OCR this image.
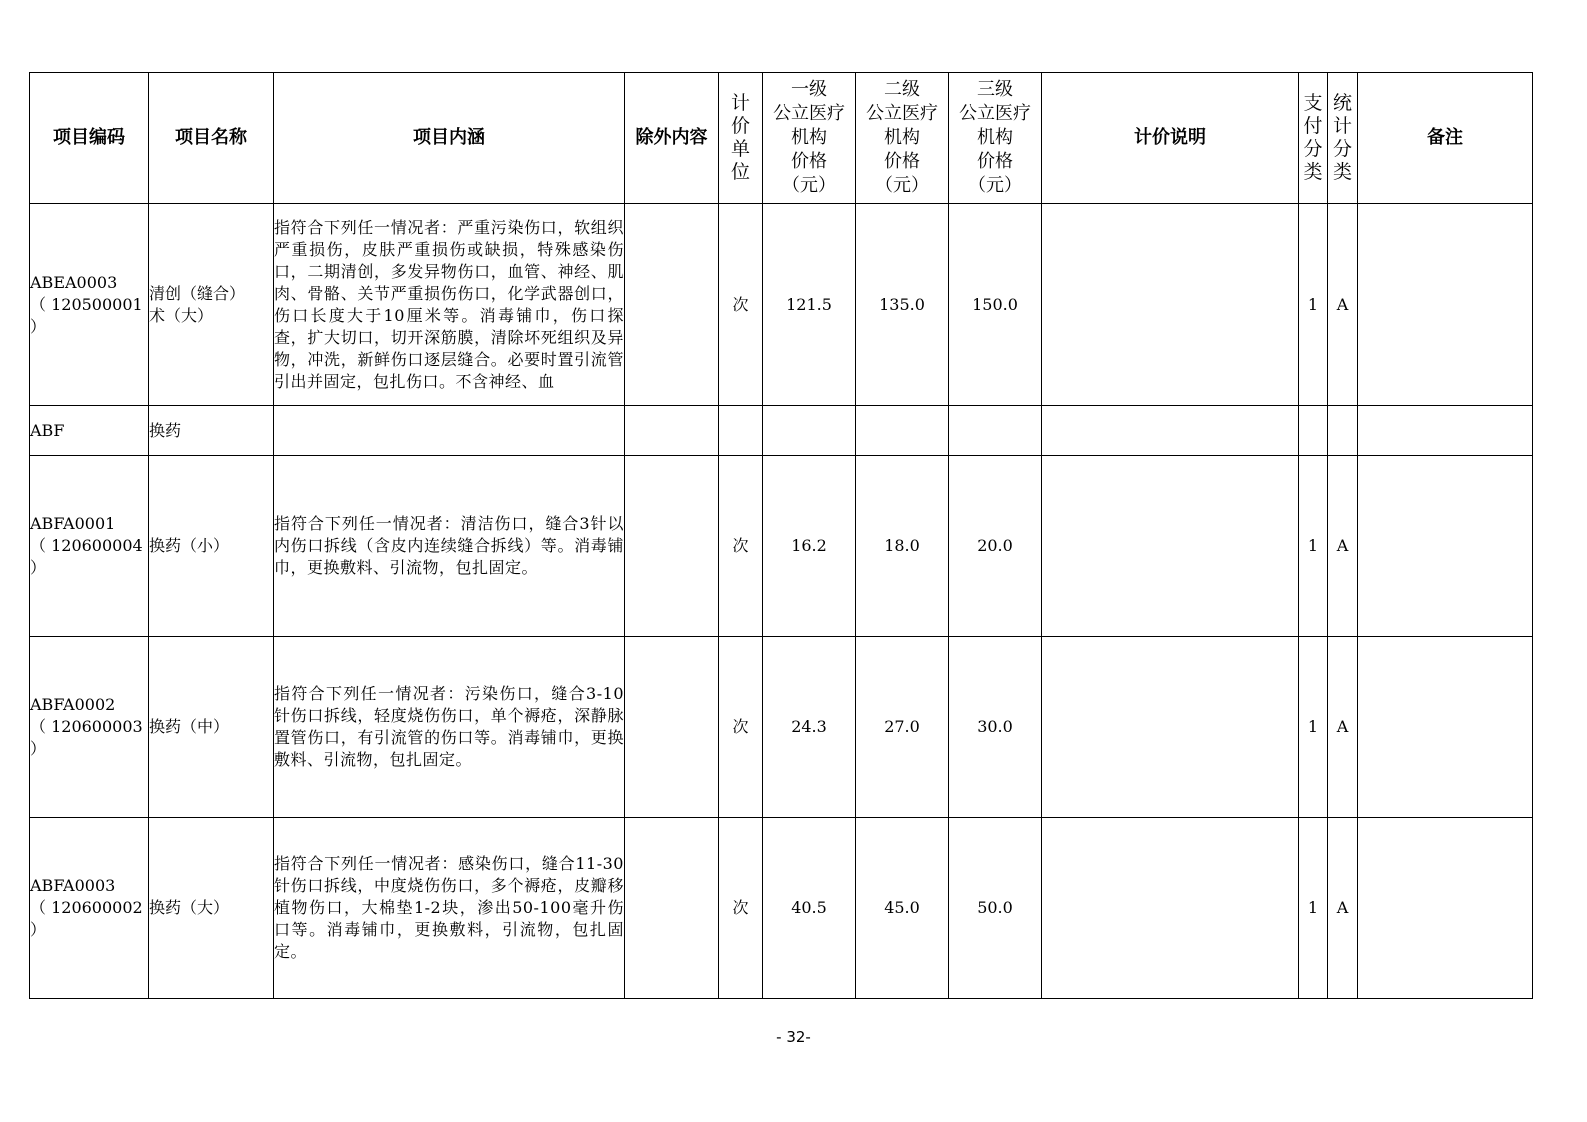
项目编码	项目名称	项目内涵	除外内容	计
价
单
位	一级
公立医疗
机构
价格
（元）	二级
公立医疗
机构
价格
（元）	三级
公立医疗
机构
价格
（元）	计价说明	支
付
分
类	统
计
分
类	备注
ABEA0003
（ 120500001
）	清创（缝合）
术（大）	指符合下列任一情况者：严重污染伤口，软组织严重损伤，皮肤严重损伤或缺损，特殊感染伤口，二期清创，多发异物伤口，血管、神经、肌肉、骨骼、关节严重损伤伤口，化学武器创口，伤口长度大于10厘米等。消毒铺巾，伤口探查，扩大切口，切开深筋膜，清除坏死组织及异物，冲洗，新鲜伤口逐层缝合。必要时置引流管引出并固定，包扎伤口。不含神经、血		次	121.5	135.0	150.0		1	A	
ABF	换药										
ABFA0001
（ 120600004
）	换药（小）	指符合下列任一情况者：清洁伤口，缝合3针以内伤口拆线（含皮内连续缝合拆线）等。消毒铺巾，更换敷料、引流物，包扎固定。		次	16.2	18.0	20.0		1	A	
ABFA0002
（ 120600003
）	换药（中）	指符合下列任一情况者：污染伤口，缝合3-10针伤口拆线，轻度烧伤伤口，单个褥疮，深静脉置管伤口，有引流管的伤口等。消毒铺巾，更换敷料、引流物，包扎固定。		次	24.3	27.0	30.0		1	A	
ABFA0003
（ 120600002
）	换药（大）	指符合下列任一情况者：感染伤口，缝合11-30针伤口拆线，中度烧伤伤口，多个褥疮，皮瓣移植物伤口，大棉垫1-2块，渗出50-100毫升伤口等。消毒铺巾，更换敷料，引流物，包扎固定。		次	40.5	45.0	50.0		1	A	
- 32-
